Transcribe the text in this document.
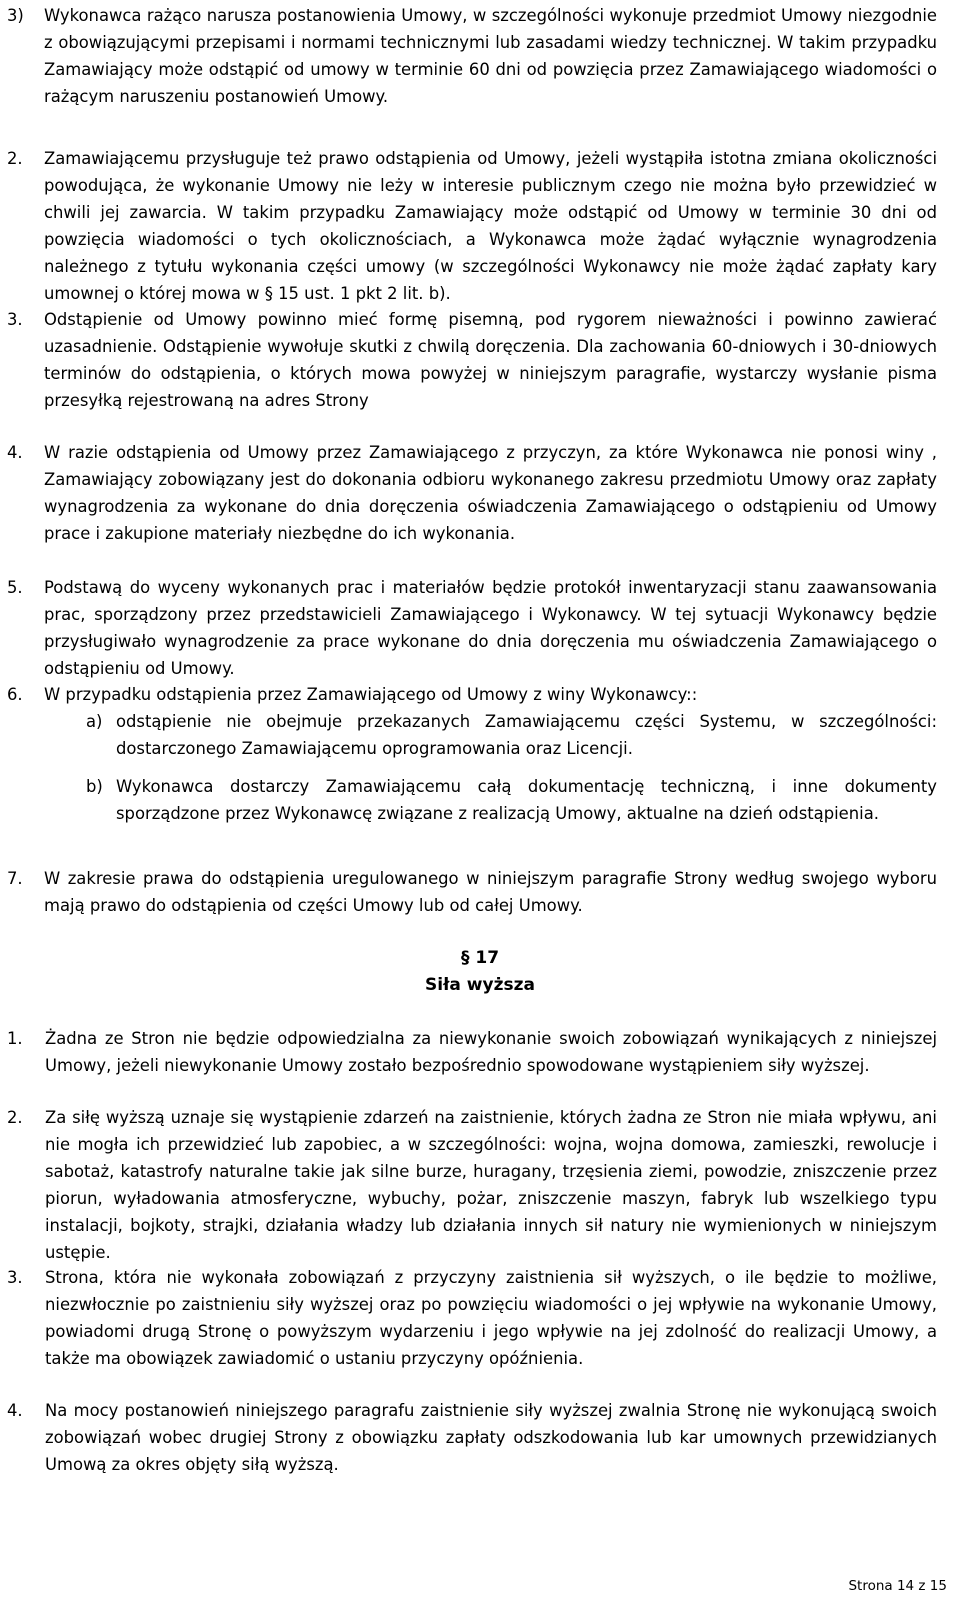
3)	Wykonawca rażąco narusza postanowienia Umowy, w szczególności wykonuje przedmiot Umowy niezgodnie z obowiązującymi przepisami i normami technicznymi lub zasadami wiedzy technicznej. W takim przypadku Zamawiający może odstąpić od umowy w terminie 60 dni od powzięcia przez Zamawiającego wiadomości o rażącym naruszeniu postanowień Umowy.
2.	Zamawiającemu przysługuje też prawo odstąpienia od Umowy, jeżeli wystąpiła istotna zmiana okoliczności powodująca, że wykonanie Umowy nie leży w interesie publicznym czego nie można było przewidzieć w chwili jej zawarcia. W takim przypadku Zamawiający może odstąpić od Umowy w terminie 30 dni od powzięcia wiadomości o tych okolicznościach, a Wykonawca może żądać wyłącznie wynagrodzenia należnego z tytułu wykonania części umowy (w szczególności Wykonawcy nie może żądać zapłaty kary umownej o której mowa w § 15 ust. 1 pkt 2 lit. b).
3.	Odstąpienie od Umowy powinno mieć formę pisemną, pod rygorem nieważności i powinno zawierać uzasadnienie. Odstąpienie wywołuje skutki z chwilą doręczenia. Dla zachowania 60-dniowych i 30-dniowych terminów do odstąpienia, o których mowa powyżej w niniejszym paragrafie, wystarczy wysłanie pisma przesyłką rejestrowaną na adres Strony
4.	W razie odstąpienia od Umowy przez Zamawiającego z przyczyn, za które Wykonawca nie ponosi winy , Zamawiający zobowiązany jest do dokonania odbioru wykonanego zakresu przedmiotu Umowy oraz zapłaty wynagrodzenia za wykonane do dnia doręczenia oświadczenia Zamawiającego o odstąpieniu od Umowy prace i zakupione materiały niezbędne do ich wykonania.
5.	Podstawą do wyceny wykonanych prac i materiałów będzie protokół inwentaryzacji stanu zaawansowania prac, sporządzony przez przedstawicieli Zamawiającego i Wykonawcy. W tej sytuacji Wykonawcy będzie przysługiwało wynagrodzenie za prace wykonane do dnia doręczenia mu oświadczenia Zamawiającego o odstąpieniu od Umowy.
6.	W przypadku odstąpienia przez Zamawiającego od Umowy z winy Wykonawcy::
a) odstąpienie nie obejmuje przekazanych Zamawiającemu części Systemu, w szczególności: dostarczonego Zamawiającemu oprogramowania oraz Licencji.
b) Wykonawca dostarczy Zamawiającemu całą dokumentację techniczną, i inne dokumenty sporządzone przez Wykonawcę związane z realizacją Umowy, aktualne na dzień odstąpienia.
7.	W zakresie prawa do odstąpienia uregulowanego w niniejszym paragrafie Strony według swojego wyboru mają prawo do odstąpienia od części Umowy lub od całej Umowy.
§ 17
Siła wyższa
1.	Żadna ze Stron nie będzie odpowiedzialna za niewykonanie swoich zobowiązań wynikających z niniejszej Umowy, jeżeli niewykonanie Umowy zostało bezpośrednio spowodowane wystąpieniem siły wyższej.
2.	Za siłę wyższą uznaje się wystąpienie zdarzeń na zaistnienie, których żadna ze Stron nie miała wpływu, ani nie mogła ich przewidzieć lub zapobiec, a w szczególności: wojna, wojna domowa, zamieszki, rewolucje i sabotaż, katastrofy naturalne takie jak silne burze, huragany, trzęsienia ziemi, powodzie, zniszczenie przez piorun, wyładowania atmosferyczne, wybuchy, pożar, zniszczenie maszyn, fabryk lub wszelkiego typu instalacji, bojkoty, strajki, działania władzy lub działania innych sił natury nie wymienionych w niniejszym ustępie.
3.	Strona, która nie wykonała zobowiązań z przyczyny zaistnienia sił wyższych, o ile będzie to możliwe, niezwłocznie po zaistnieniu siły wyższej oraz po powzięciu wiadomości o jej wpływie na wykonanie Umowy, powiadomi drugą Stronę o powyższym wydarzeniu i jego wpływie na jej zdolność do realizacji Umowy, a także ma obowiązek zawiadomić o ustaniu przyczyny opóźnienia.
4.	Na mocy postanowień niniejszego paragrafu zaistnienie siły wyższej zwalnia Stronę nie wykonującą swoich zobowiązań wobec drugiej Strony z obowiązku zapłaty odszkodowania lub kar umownych przewidzianych Umową za okres objęty siłą wyższą.
Strona 14 z 15
